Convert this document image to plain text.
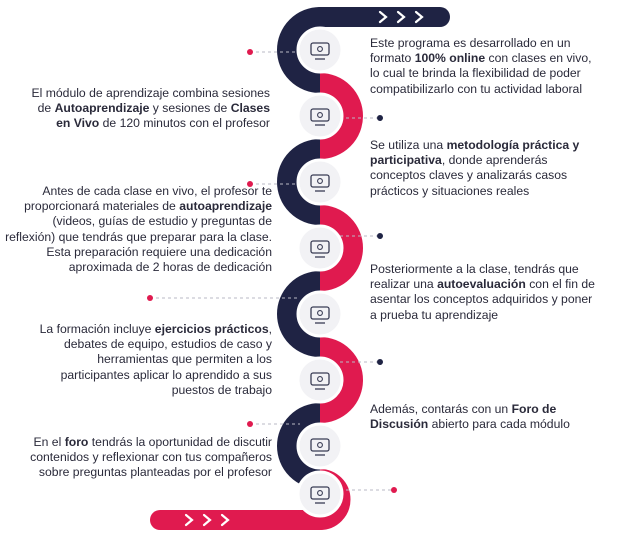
Este programa es desarrollado en un formato 100% online con clases en vivo, lo cual te brinda la flexibilidad de poder compatibilizarlo con tu actividad laboral
El módulo de aprendizaje combina sesiones de Autoaprendizaje y sesiones de Clases en Vivo de 120 minutos con el profesor
Se utiliza una metodología práctica y participativa, donde aprenderás conceptos claves y analizarás casos prácticos y situaciones reales
Antes de cada clase en vivo, el profesor te proporcionará materiales de autoaprendizaje (videos, guías de estudio y preguntas de reflexión) que tendrás que preparar para la clase. Esta preparación requiere una dedicación aproximada de 2 horas de dedicación	Posteriormente a la clase, tendrás que realizar una autoevaluación con el fin de asentar los conceptos adquiridos y poner a prueba tu aprendizaje
La formación incluye ejercicios prácticos, debates de equipo, estudios de caso y herramientas que permiten a los participantes aplicar lo aprendido a sus puestos de trabajo
Además, contarás con un Foro de Discusión abierto para cada módulo
En el foro tendrás la oportunidad de discutir contenidos y reflexionar con tus compañeros sobre preguntas planteadas por el profesor
